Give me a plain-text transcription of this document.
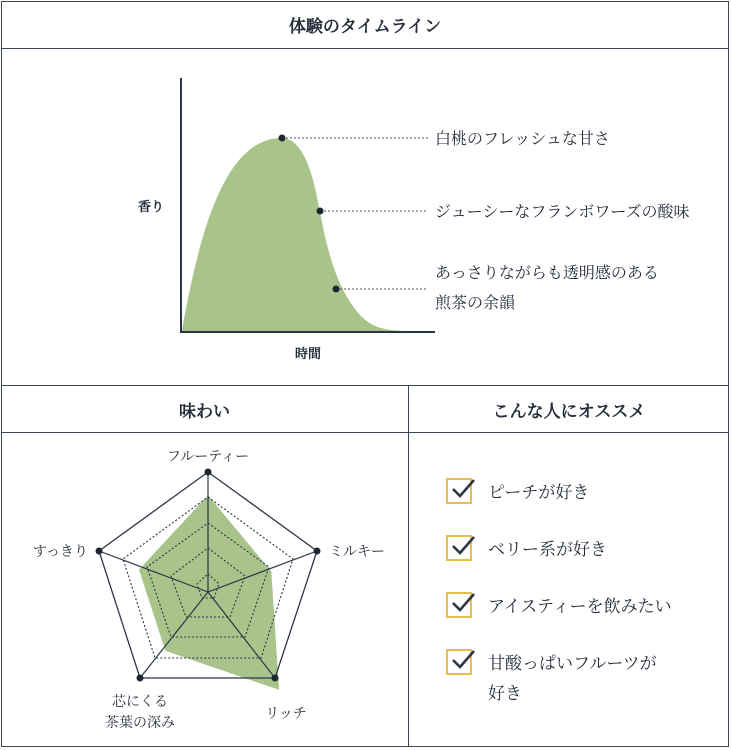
体験のタイムライン
味わい	こんな人にオススメ
香り
時間
白桃のフレッシュな甘さ
ジューシーなフランボワーズの酸味
あっさりながらも透明感のある
煎茶の余韻
フルーティー
ミルキー
リッチ
芯にくる
茶葉の深み
すっきり
ピーチが好き
ベリー系が好き
アイスティーを飲みたい
甘酸っぱいフルーツが
好き
